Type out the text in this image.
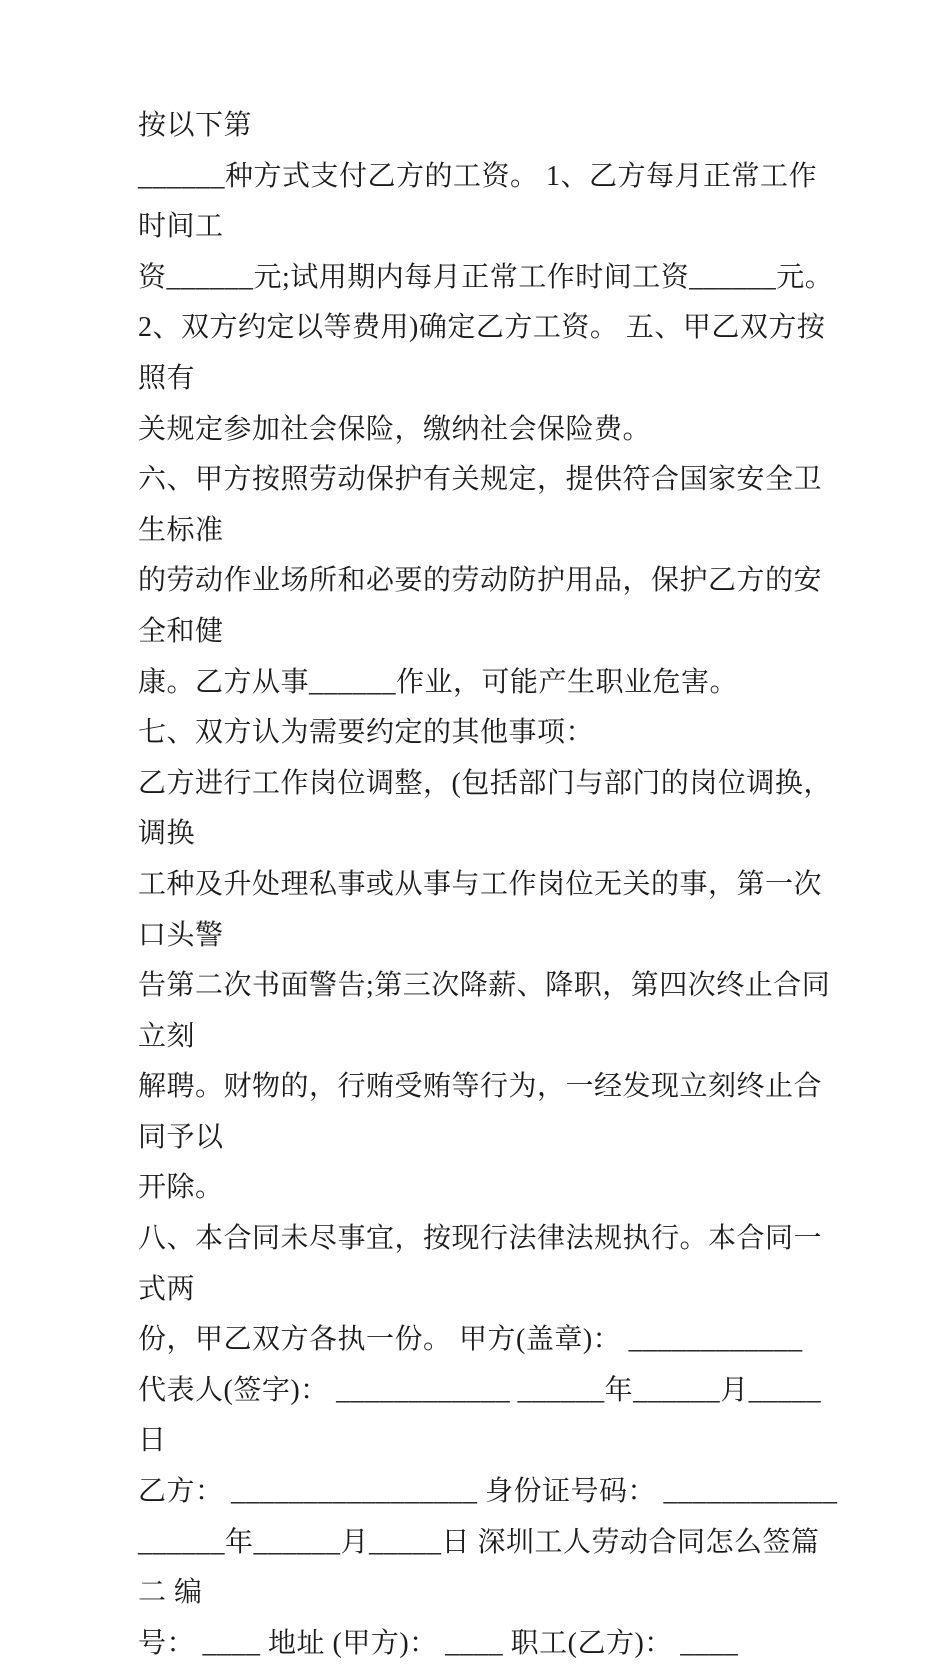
按以下第

______种方式支付乙方的工资。 1、乙方每月正常工作时间工

资______元;试用期内每月正常工作时间工资______元。

2、双方约定以等费用)确定乙方工资。 五、甲乙双方按照有

关规定参加社会保险，缴纳社会保险费。

六、甲方按照劳动保护有关规定，提供符合国家安全卫生标准

的劳动作业场所和必要的劳动防护用品，保护乙方的安全和健

康。乙方从事______作业，可能产生职业危害。

七、双方认为需要约定的其他事项：

乙方进行工作岗位调整，(包括部门与部门的岗位调换，调换

工种及升处理私事或从事与工作岗位无关的事，第一次口头警

告第二次书面警告;第三次降薪、降职，第四次终止合同立刻

解聘。财物的，行贿受贿等行为，一经发现立刻终止合同予以

开除。

八、本合同未尽事宜，按现行法律法规执行。本合同一式两

份，甲乙双方各执一份。 甲方(盖章)： ____________

代表人(签字)： ____________ ______年______月_____日

乙方： _________________ 身份证号码： ____________

______年______月_____日 深圳工人劳动合同怎么签篇二 编

号： ____ 地址 (甲方)： ____ 职工(乙方)： ____
